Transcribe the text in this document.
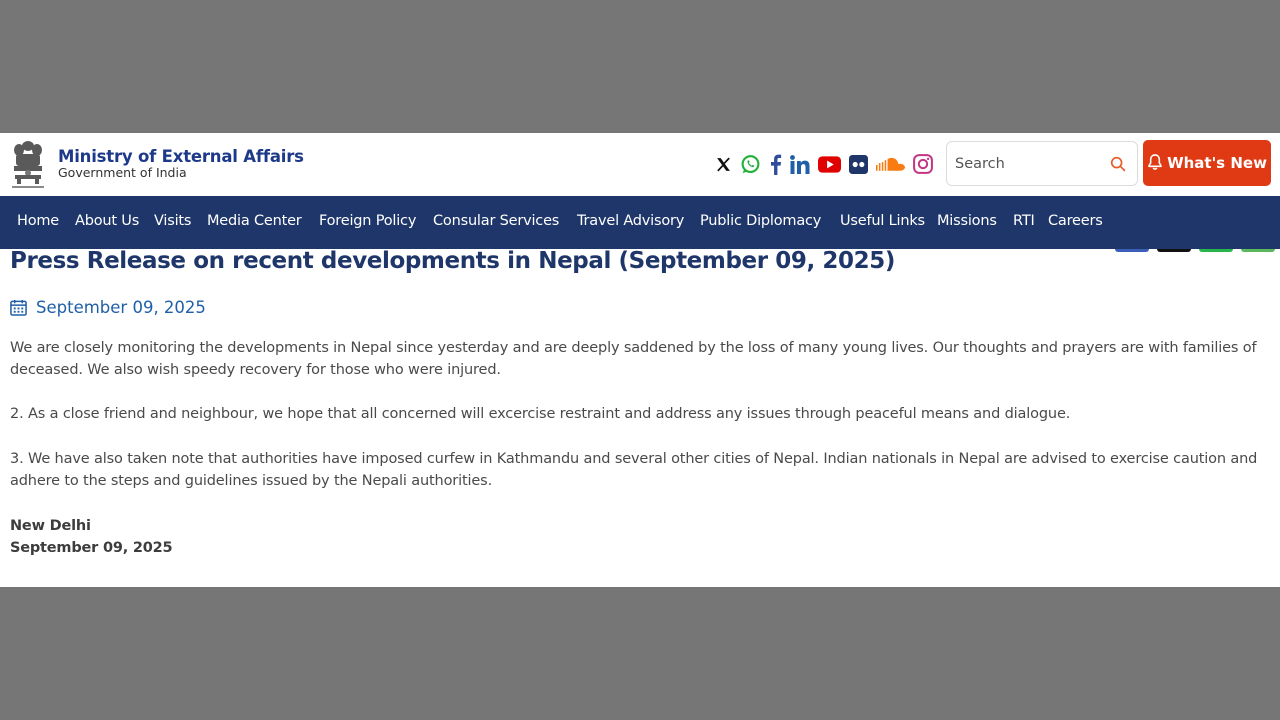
Ministry of External Affairs
Government of India
Search
What's New
Home About Us Visits Media Center Foreign Policy Consular Services Travel Advisory Public Diplomacy Useful Links Missions RTI Careers
Press Release on recent developments in Nepal (September 09, 2025)
September 09, 2025

We are closely monitoring the developments in Nepal since yesterday and are deeply saddened by the loss of many young lives. Our thoughts and prayers are with families of deceased. We also wish speedy recovery for those who were injured.

2. As a close friend and neighbour, we hope that all concerned will excercise restraint and address any issues through peaceful means and dialogue.

3. We have also taken note that authorities have imposed curfew in Kathmandu and several other cities of Nepal. Indian nationals in Nepal are advised to exercise caution and adhere to the steps and guidelines issued by the Nepali authorities.

New Delhi
September 09, 2025
